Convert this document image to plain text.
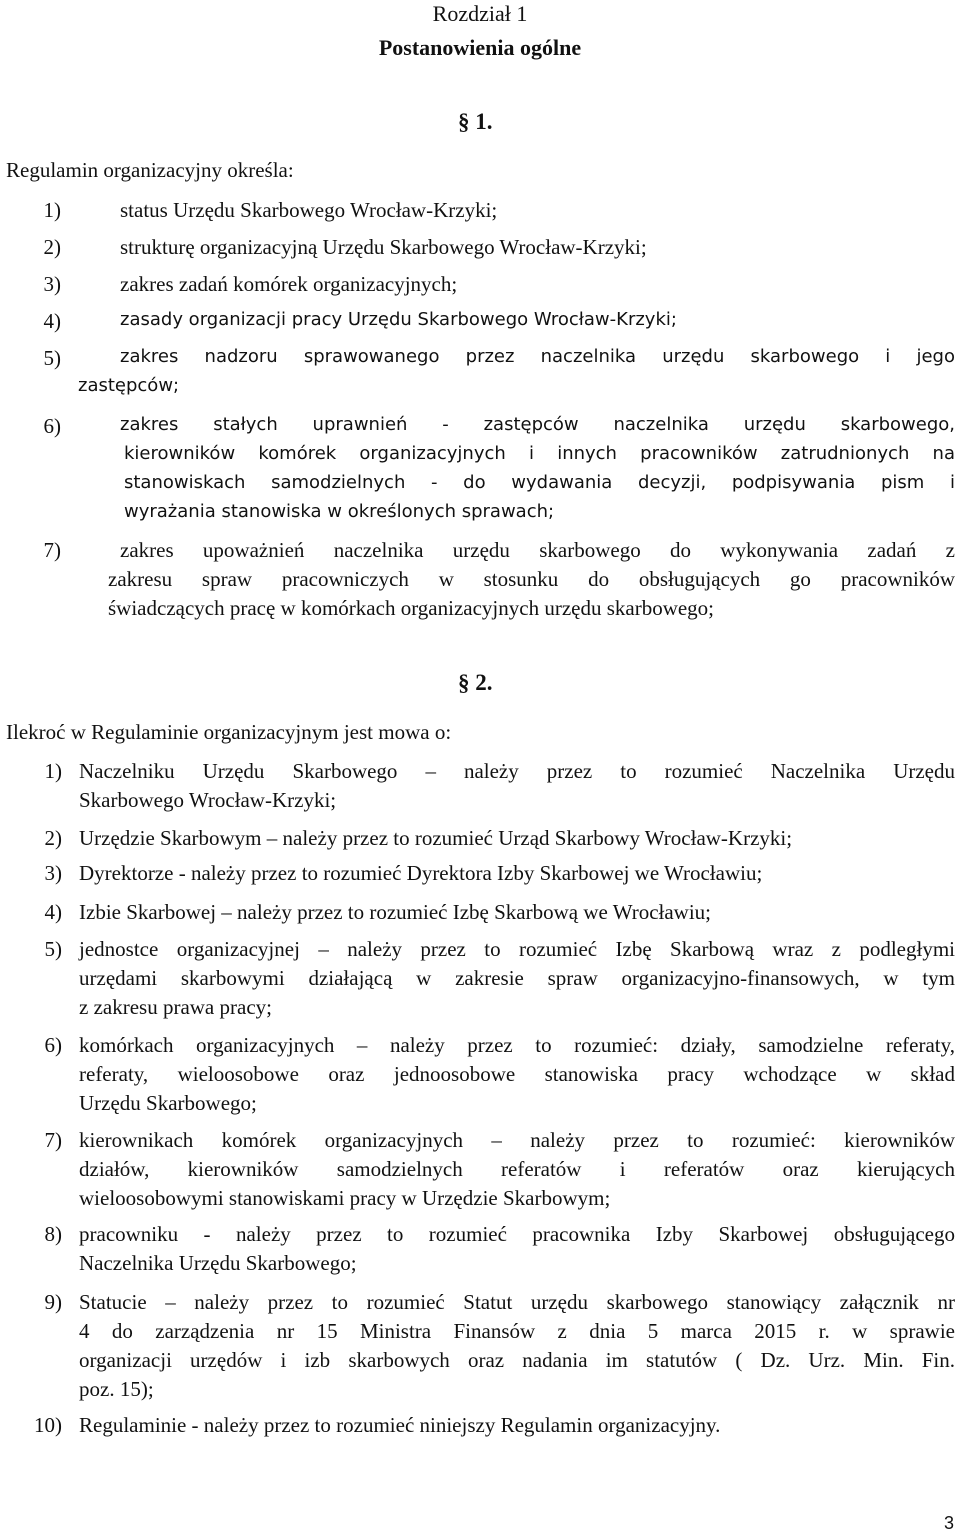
Rozdział 1
Postanowienia ogólne
§ 1.
Regulamin organizacyjny określa:
1)	status Urzędu Skarbowego Wrocław-Krzyki;
2)	strukturę organizacyjną Urzędu Skarbowego Wrocław-Krzyki;
3)	zakres zadań komórek organizacyjnych;
4)	zasady organizacji pracy Urzędu Skarbowego Wrocław-Krzyki;
5)	zakres nadzoru sprawowanego przez naczelnika urzędu skarbowego i jego
zastępców;
6)	zakres stałych uprawnień - zastępców naczelnika urzędu skarbowego,
kierowników komórek organizacyjnych i innych pracowników zatrudnionych na
stanowiskach samodzielnych - do wydawania decyzji, podpisywania pism i
wyrażania stanowiska w określonych sprawach;
7)	zakres upoważnień naczelnika urzędu skarbowego do wykonywania zadań z
zakresu spraw pracowniczych w stosunku do obsługujących go pracowników
świadczących pracę w komórkach organizacyjnych urzędu skarbowego;
§ 2.
Ilekroć w Regulaminie organizacyjnym jest mowa o:
1) Naczelniku Urzędu Skarbowego – należy przez to rozumieć Naczelnika Urzędu
Skarbowego Wrocław-Krzyki;
2) Urzędzie Skarbowym – należy przez to rozumieć Urząd Skarbowy Wrocław-Krzyki;
3) Dyrektorze - należy przez to rozumieć Dyrektora Izby Skarbowej we Wrocławiu;
4) Izbie Skarbowej – należy przez to rozumieć Izbę Skarbową we Wrocławiu;
5) jednostce organizacyjnej – należy przez to rozumieć Izbę Skarbową wraz z podległymi
urzędami skarbowymi działającą w zakresie spraw organizacyjno-finansowych, w tym
z zakresu prawa pracy;
6) komórkach organizacyjnych – należy przez to rozumieć: działy, samodzielne referaty,
referaty, wieloosobowe oraz jednoosobowe stanowiska pracy wchodzące w skład
Urzędu Skarbowego;
7) kierownikach komórek organizacyjnych – należy przez to rozumieć: kierowników
działów, kierowników samodzielnych referatów i referatów oraz kierujących
wieloosobowymi stanowiskami pracy w Urzędzie Skarbowym;
8) pracowniku - należy przez to rozumieć pracownika Izby Skarbowej obsługującego
Naczelnika Urzędu Skarbowego;
9) Statucie – należy przez to rozumieć Statut urzędu skarbowego stanowiący załącznik nr
4 do zarządzenia nr 15 Ministra Finansów z dnia 5 marca 2015 r. w sprawie
organizacji urzędów i izb skarbowych oraz nadania im statutów ( Dz. Urz. Min. Fin.
poz. 15);
10) Regulaminie - należy przez to rozumieć niniejszy Regulamin organizacyjny.
3
